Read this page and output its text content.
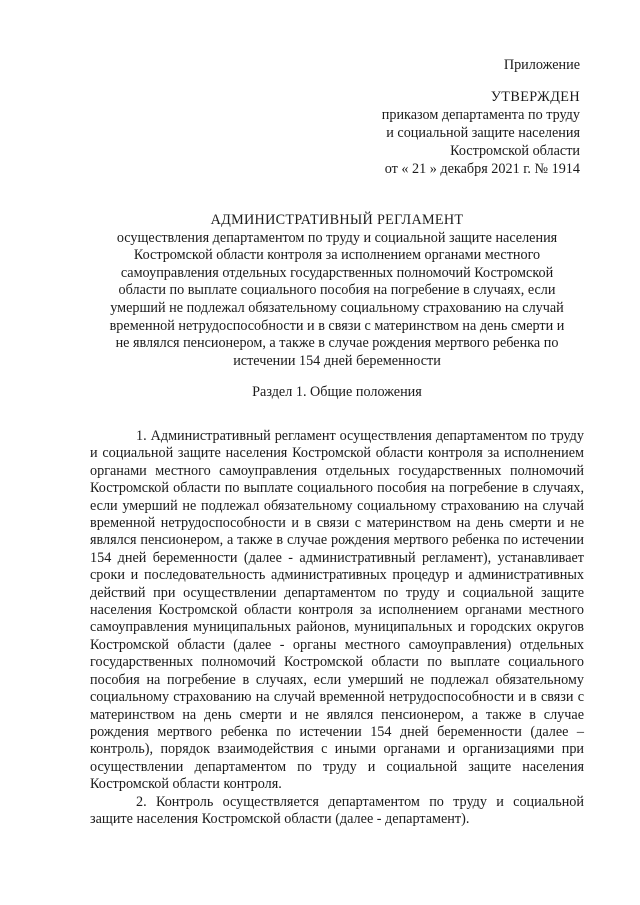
Приложение
УТВЕРЖДЕН
приказом департамента по труду
и социальной защите населения
Костромской области
от « 21 » декабря 2021 г. № 1914
АДМИНИСТРАТИВНЫЙ РЕГЛАМЕНТ
осуществления департаментом по труду и социальной защите населения
Костромской области контроля за исполнением органами местного
самоуправления отдельных государственных полномочий Костромской
области по выплате социального пособия на погребение в случаях, если
умерший не подлежал обязательному социальному страхованию на случай
временной нетрудоспособности и в связи с материнством на день смерти и
не являлся пенсионером, а также в случае рождения мертвого ребенка по
истечении 154 дней беременности
Раздел 1. Общие положения

1. Административный регламент осуществления департаментом по труду и социальной защите населения Костромской области контроля за исполнением органами местного самоуправления отдельных государственных полномочий Костромской области по выплате социального пособия на погребение в случаях, если умерший не подлежал обязательному социальному страхованию на случай временной нетрудоспособности и в связи с материнством на день смерти и не являлся пенсионером, а также в случае рождения мертвого ребенка по истечении 154 дней беременности (далее - административный регламент), устанавливает сроки и последовательность административных процедур и административных действий при осуществлении департаментом по труду и социальной защите населения Костромской области контроля за исполнением органами местного самоуправления муниципальных районов, муниципальных и городских округов Костромской области (далее - органы местного самоуправления) отдельных государственных полномочий Костромской области по выплате социального пособия на погребение в случаях, если умерший не подлежал обязательному социальному страхованию на случай временной нетрудоспособности и в связи с материнством на день смерти и не являлся пенсионером, а также в случае рождения мертвого ребенка по истечении 154 дней беременности (далее – контроль), порядок взаимодействия с иными органами и организациями при осуществлении департаментом по труду и социальной защите населения Костромской области контроля.

2. Контроль осуществляется департаментом по труду и социальной защите населения Костромской области (далее - департамент).
